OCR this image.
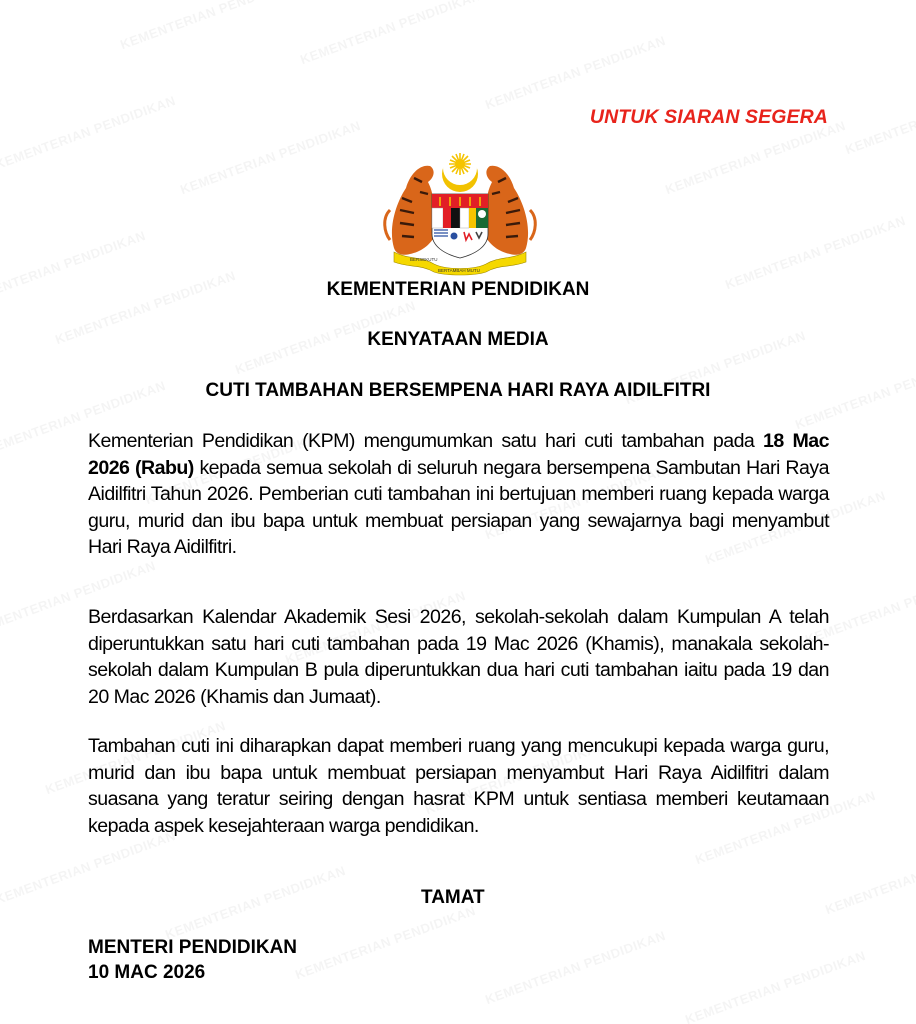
UNTUK SIARAN SEGERA
BERSEKUTU
BERTAMBAH MUTU
KEMENTERIAN PENDIDIKAN
KENYATAAN MEDIA
CUTI TAMBAHAN BERSEMPENA HARI RAYA AIDILFITRI

Kementerian Pendidikan (KPM) mengumumkan satu hari cuti tambahan pada 18 Mac 2026 (Rabu) kepada semua sekolah di seluruh negara bersempena Sambutan Hari Raya Aidilfitri Tahun 2026. Pemberian cuti tambahan ini bertujuan memberi ruang kepada warga guru, murid dan ibu bapa untuk membuat persiapan yang sewajarnya bagi menyambut Hari Raya Aidilfitri.

Berdasarkan Kalendar Akademik Sesi 2026, sekolah-sekolah dalam Kumpulan A telah diperuntukkan satu hari cuti tambahan pada 19 Mac 2026 (Khamis), manakala sekolah-sekolah dalam Kumpulan B pula diperuntukkan dua hari cuti tambahan iaitu pada 19 dan 20 Mac 2026 (Khamis dan Jumaat).

Tambahan cuti ini diharapkan dapat memberi ruang yang mencukupi kepada warga guru, murid dan ibu bapa untuk membuat persiapan menyambut Hari Raya Aidilfitri dalam suasana yang teratur seiring dengan hasrat KPM untuk sentiasa memberi keutamaan kepada aspek kesejahteraan warga pendidikan.

TAMAT
MENTERI PENDIDIKAN
10 MAC 2026
